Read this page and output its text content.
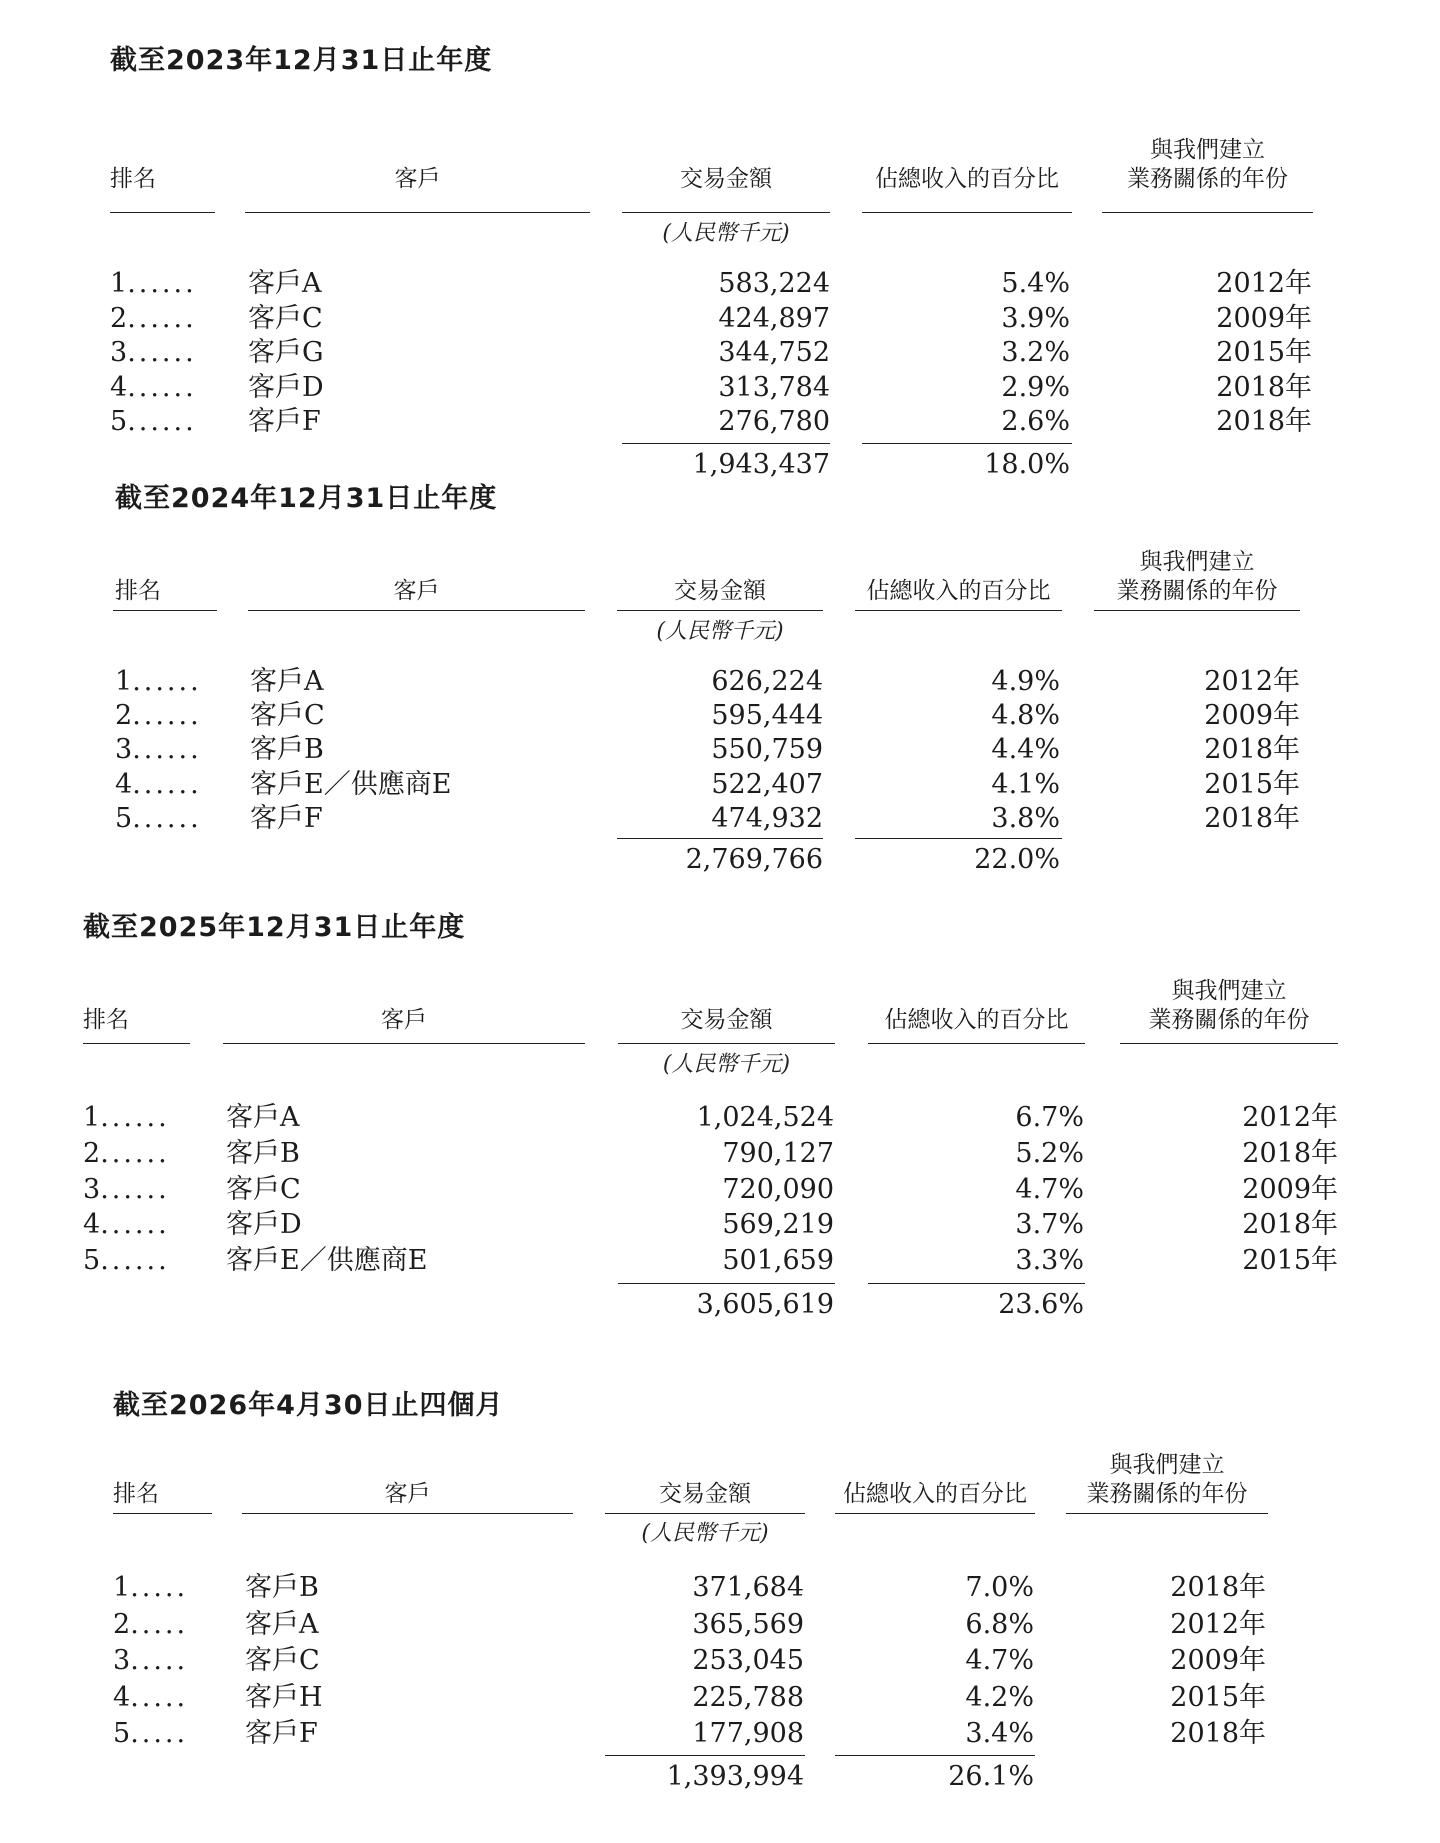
截至2023年12月31日止年度
排名	客戶	交易金額	佔總收入的百分比
與我們建立
業務關係的年份
(人民幣千元)
1...... 客戶A	583,224	5.4%	2012年
2...... 客戶C	424,897	3.9%	2009年
3...... 客戶G	344,752	3.2%	2015年
4...... 客戶D	313,784	2.9%	2018年
5...... 客戶F	276,780	2.6%	2018年
1,943,437	18.0%
截至2024年12月31日止年度
排名	客戶	交易金額	佔總收入的百分比
與我們建立
業務關係的年份
(人民幣千元)
1...... 客戶A	626,224	4.9%	2012年
2...... 客戶C	595,444	4.8%	2009年
3...... 客戶B	550,759	4.4%	2018年
4...... 客戶E／供應商E	522,407	4.1%	2015年
5...... 客戶F	474,932	3.8%	2018年
2,769,766	22.0%
截至2025年12月31日止年度
排名	客戶	交易金額	佔總收入的百分比
與我們建立
業務關係的年份
(人民幣千元)
1...... 客戶A	1,024,524	6.7%	2012年
2...... 客戶B	790,127	5.2%	2018年
3...... 客戶C	720,090	4.7%	2009年
4...... 客戶D	569,219	3.7%	2018年
5...... 客戶E／供應商E	501,659	3.3%	2015年
3,605,619	23.6%
截至2026年4月30日止四個月
排名	客戶	交易金額	佔總收入的百分比
與我們建立
業務關係的年份
(人民幣千元)
1..... 客戶B	371,684	7.0%	2018年
2..... 客戶A	365,569	6.8%	2012年
3..... 客戶C	253,045	4.7%	2009年
4..... 客戶H	225,788	4.2%	2015年
5..... 客戶F	177,908	3.4%	2018年
1,393,994	26.1%
